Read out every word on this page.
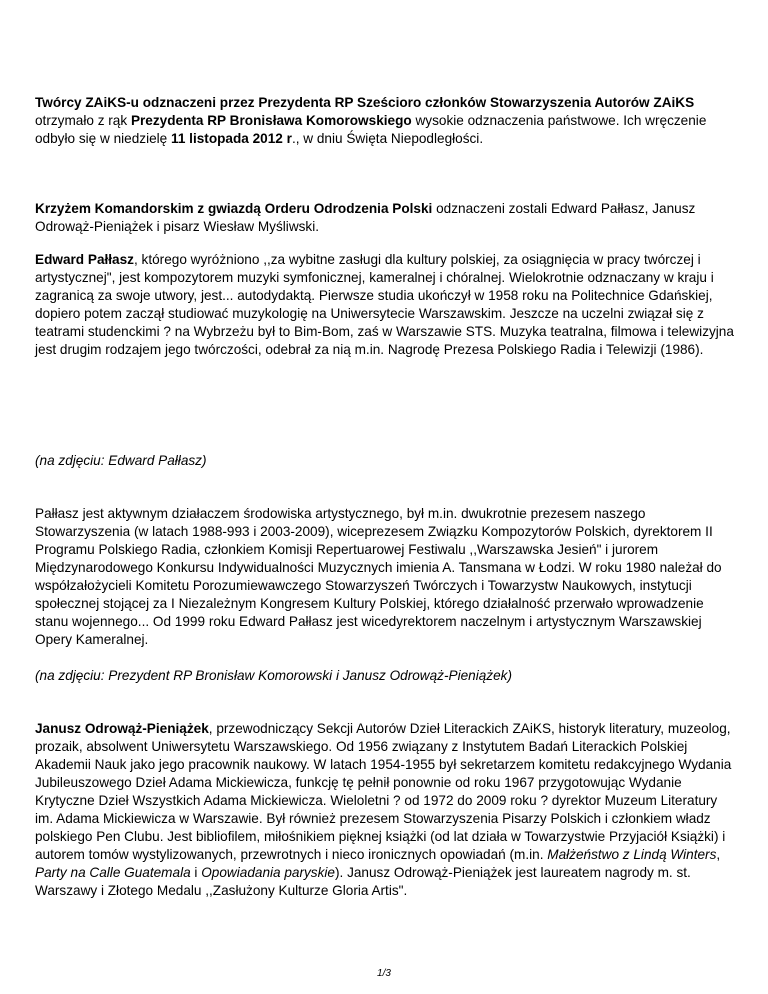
Twórcy ZAiKS-u odznaczeni przez Prezydenta RP Sześcioro członków Stowarzyszenia Autorów ZAiKS otrzymało z rąk Prezydenta RP Bronisława Komorowskiego wysokie odznaczenia państwowe. Ich wręczenie odbyło się w niedzielę 11 listopada 2012 r., w dniu Święta Niepodległości.

Krzyżem Komandorskim z gwiazdą Orderu Odrodzenia Polski odznaczeni zostali Edward Pałłasz, Janusz Odrowąż-Pieniążek i pisarz Wiesław Myśliwski.

Edward Pałłasz, którego wyróżniono ,,za wybitne zasługi dla kultury polskiej, za osiągnięcia w pracy twórczej i artystycznej", jest kompozytorem muzyki symfonicznej, kameralnej i chóralnej. Wielokrotnie odznaczany w kraju i zagranicą za swoje utwory, jest... autodydaktą. Pierwsze studia ukończył w 1958 roku na Politechnice Gdańskiej, dopiero potem zaczął studiować muzykologię na Uniwersytecie Warszawskim. Jeszcze na uczelni związał się z teatrami studenckimi ? na Wybrzeżu był to Bim-Bom, zaś w Warszawie STS. Muzyka teatralna, filmowa i telewizyjna jest drugim rodzajem jego twórczości, odebrał za nią m.in. Nagrodę Prezesa Polskiego Radia i Telewizji (1986).

(na zdjęciu: Edward Pałłasz)

Pałłasz jest aktywnym działaczem środowiska artystycznego, był m.in. dwukrotnie prezesem naszego Stowarzyszenia (w latach 1988-993 i 2003-2009), wiceprezesem Związku Kompozytorów Polskich, dyrektorem II Programu Polskiego Radia, członkiem Komisji Repertuarowej Festiwalu ,,Warszawska Jesień" i jurorem Międzynarodowego Konkursu Indywidualności Muzycznych imienia A. Tansmana w Łodzi. W roku 1980 należał do współzałożycieli Komitetu Porozumiewawczego Stowarzyszeń Twórczych i Towarzystw Naukowych, instytucji społecznej stojącej za I Niezależnym Kongresem Kultury Polskiej, którego działalność przerwało wprowadzenie stanu wojennego... Od 1999 roku Edward Pałłasz jest wicedyrektorem naczelnym i artystycznym Warszawskiej Opery Kameralnej.

(na zdjęciu: Prezydent RP Bronisław Komorowski i Janusz Odrowąż-Pieniążek)

Janusz Odrowąż-Pieniążek, przewodniczący Sekcji Autorów Dzieł Literackich ZAiKS, historyk literatury, muzeolog, prozaik, absolwent Uniwersytetu Warszawskiego. Od 1956 związany z Instytutem Badań Literackich Polskiej Akademii Nauk jako jego pracownik naukowy. W latach 1954-1955 był sekretarzem komitetu redakcyjnego Wydania Jubileuszowego Dzieł Adama Mickiewicza, funkcję tę pełnił ponownie od roku 1967 przygotowując Wydanie Krytyczne Dzieł Wszystkich Adama Mickiewicza. Wieloletni ? od 1972 do 2009 roku ? dyrektor Muzeum Literatury im. Adama Mickiewicza w Warszawie. Był również prezesem Stowarzyszenia Pisarzy Polskich i członkiem władz polskiego Pen Clubu. Jest bibliofilem, miłośnikiem pięknej książki (od lat działa w Towarzystwie Przyjaciół Książki) i autorem tomów wystylizowanych, przewrotnych i nieco ironicznych opowiadań (m.in. Małżeństwo z Lindą Winters, Party na Calle Guatemala i Opowiadania paryskie). Janusz Odrowąż-Pieniążek jest laureatem nagrody m. st. Warszawy i Złotego Medalu ,,Zasłużony Kulturze Gloria Artis".

1/3
